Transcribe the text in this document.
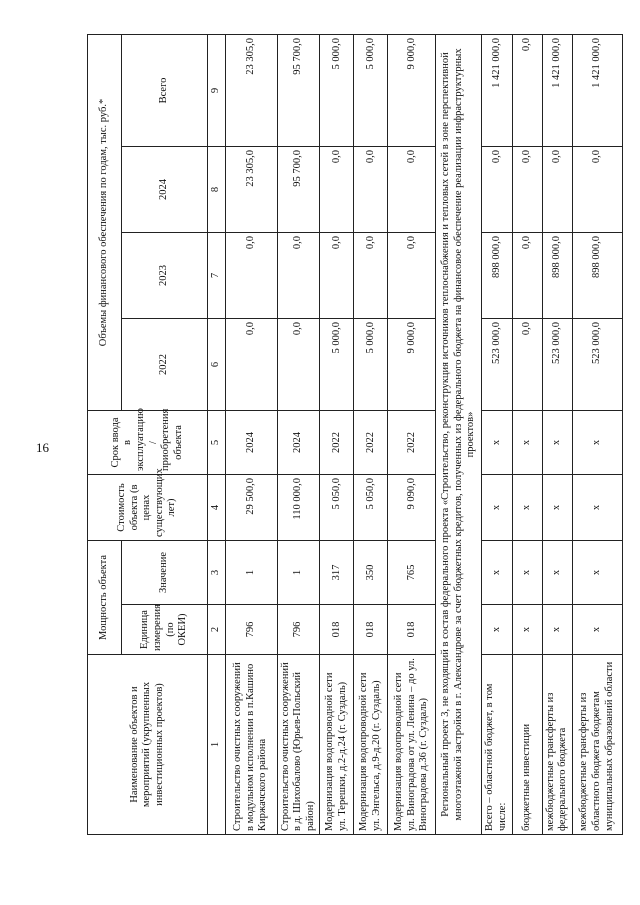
16
Наименование объектов и мероприятий (укрупненных инвестиционных проектов)	Мощность объекта		Стоимость объекта (в ценах существующих лет)	Срок ввода в эксплуатацию / приобретения объекта	Объемы финансового обеспечения по годам, тыс. руб.*			
	Единица измерения (по ОКЕИ)	Значение			2022	2023	2024	Всего
1	2	3	4	5	6	7	8	9
Строительство очистных сооружений в модульном исполнении в п.Кашино Киржачского района	796	1	29 500,0	2024	0,0	0,0	23 305,0	23 305,0
Строительство очистных сооружений в д. Шихобалово (Юрьев-Польский район)	796	1	110 000,0	2024	0,0	0,0	95 700,0	95 700,0
Модернизация водопроводной сети ул. Терешки, д.2-д.24 (г. Суздаль)	018	317	5 050,0	2022	5 000,0	0,0	0,0	5 000,0
Модернизация водопроводной сети ул. Энгельса, д.9-д.20 (г. Суздаль)	018	350	5 050,0	2022	5 000,0	0,0	0,0	5 000,0
Модернизация водопроводной сети ул. Виноградова от ул. Ленина – до ул. Виноградова д.36 (г. Суздаль)	018	765	9 090,0	2022	9 000,0	0,0	0,0	9 000,0
Региональный проект 3, не входящий в состав федерального проекта «Строительство, реконструкция источников теплоснабжения и тепловых сетей в зоне перспективной многоэтажной застройки в г. Александрове за счет бюджетных кредитов, полученных из федерального бюджета на финансовое обеспечение реализации инфраструктурных проектов»								
Всего – областной бюджет, в том числе:	х	х	х	х	523 000,0	898 000,0	0,0	1 421 000,0
бюджетные инвестиции	х	х	х	х	0,0	0,0	0,0	0,0
межбюджетные трансферты из федерального бюджета	х	х	х	х	523 000,0	898 000,0	0,0	1 421 000,0
межбюджетные трансферты из областного бюджета бюджетам муниципальных образований области	х	х	х	х	523 000,0	898 000,0	0,0	1 421 000,0
